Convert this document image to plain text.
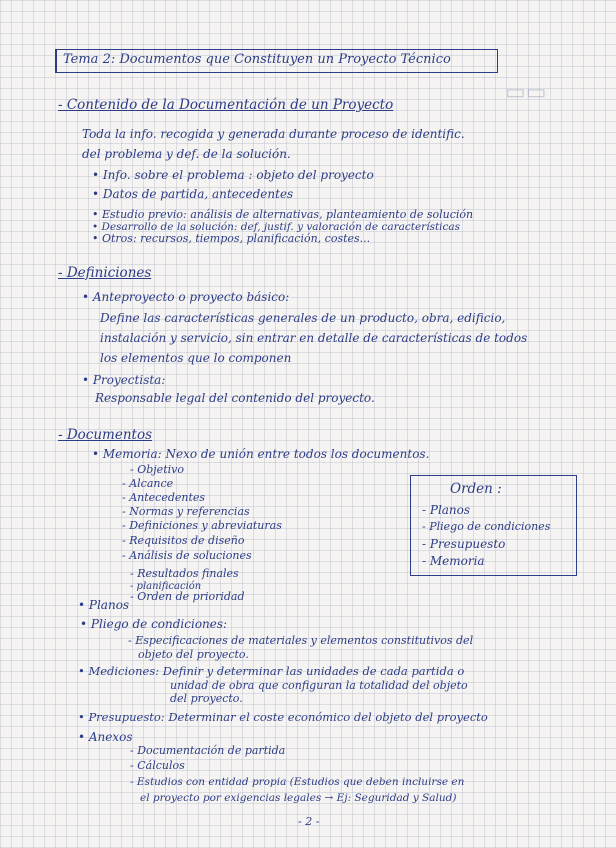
▭▭
Tema 2: Documentos que Constituyen un Proyecto Técnico
- Contenido de la Documentación de un Proyecto
Toda la info. recogida y generada durante proceso de identific.
del problema y def. de la solución.
• Info. sobre el problema : objeto del proyecto
• Datos de partida, antecedentes
• Estudio previo: análisis de alternativas, planteamiento de solución
• Desarrollo de la solución: def, justif. y valoración de características
• Otros: recursos, tiempos, planificación, costes...
- Definiciones
• Anteproyecto o proyecto básico:
Define las características generales de un producto, obra, edificio,
instalación y servicio, sin entrar en detalle de características de todos
los elementos que lo componen
• Proyectista:
Responsable legal del contenido del proyecto.
- Documentos
• Memoria: Nexo de unión entre todos los documentos.
- Objetivo
- Alcance
- Antecedentes
- Normas y referencias
- Definiciones y abreviaturas
- Requisitos de diseño
- Análisis de soluciones
- Resultados finales
- planificación
- Orden de prioridad
• Planos
• Pliego de condiciones:
- Especificaciones de materiales y elementos constitutivos del
objeto del proyecto.
• Mediciones: Definir y determinar las unidades de cada partida o
unidad de obra que configuran la totalidad del objeto
del proyecto.
• Presupuesto: Determinar el coste económico del objeto del proyecto
• Anexos
- Documentación de partida
- Cálculos
- Estudios con entidad propia (Estudios que deben incluirse en
el proyecto por exigencias legales → Ej: Seguridad y Salud)
Orden :
- Planos
- Pliego de condiciones
- Presupuesto
- Memoria
- 2 -
